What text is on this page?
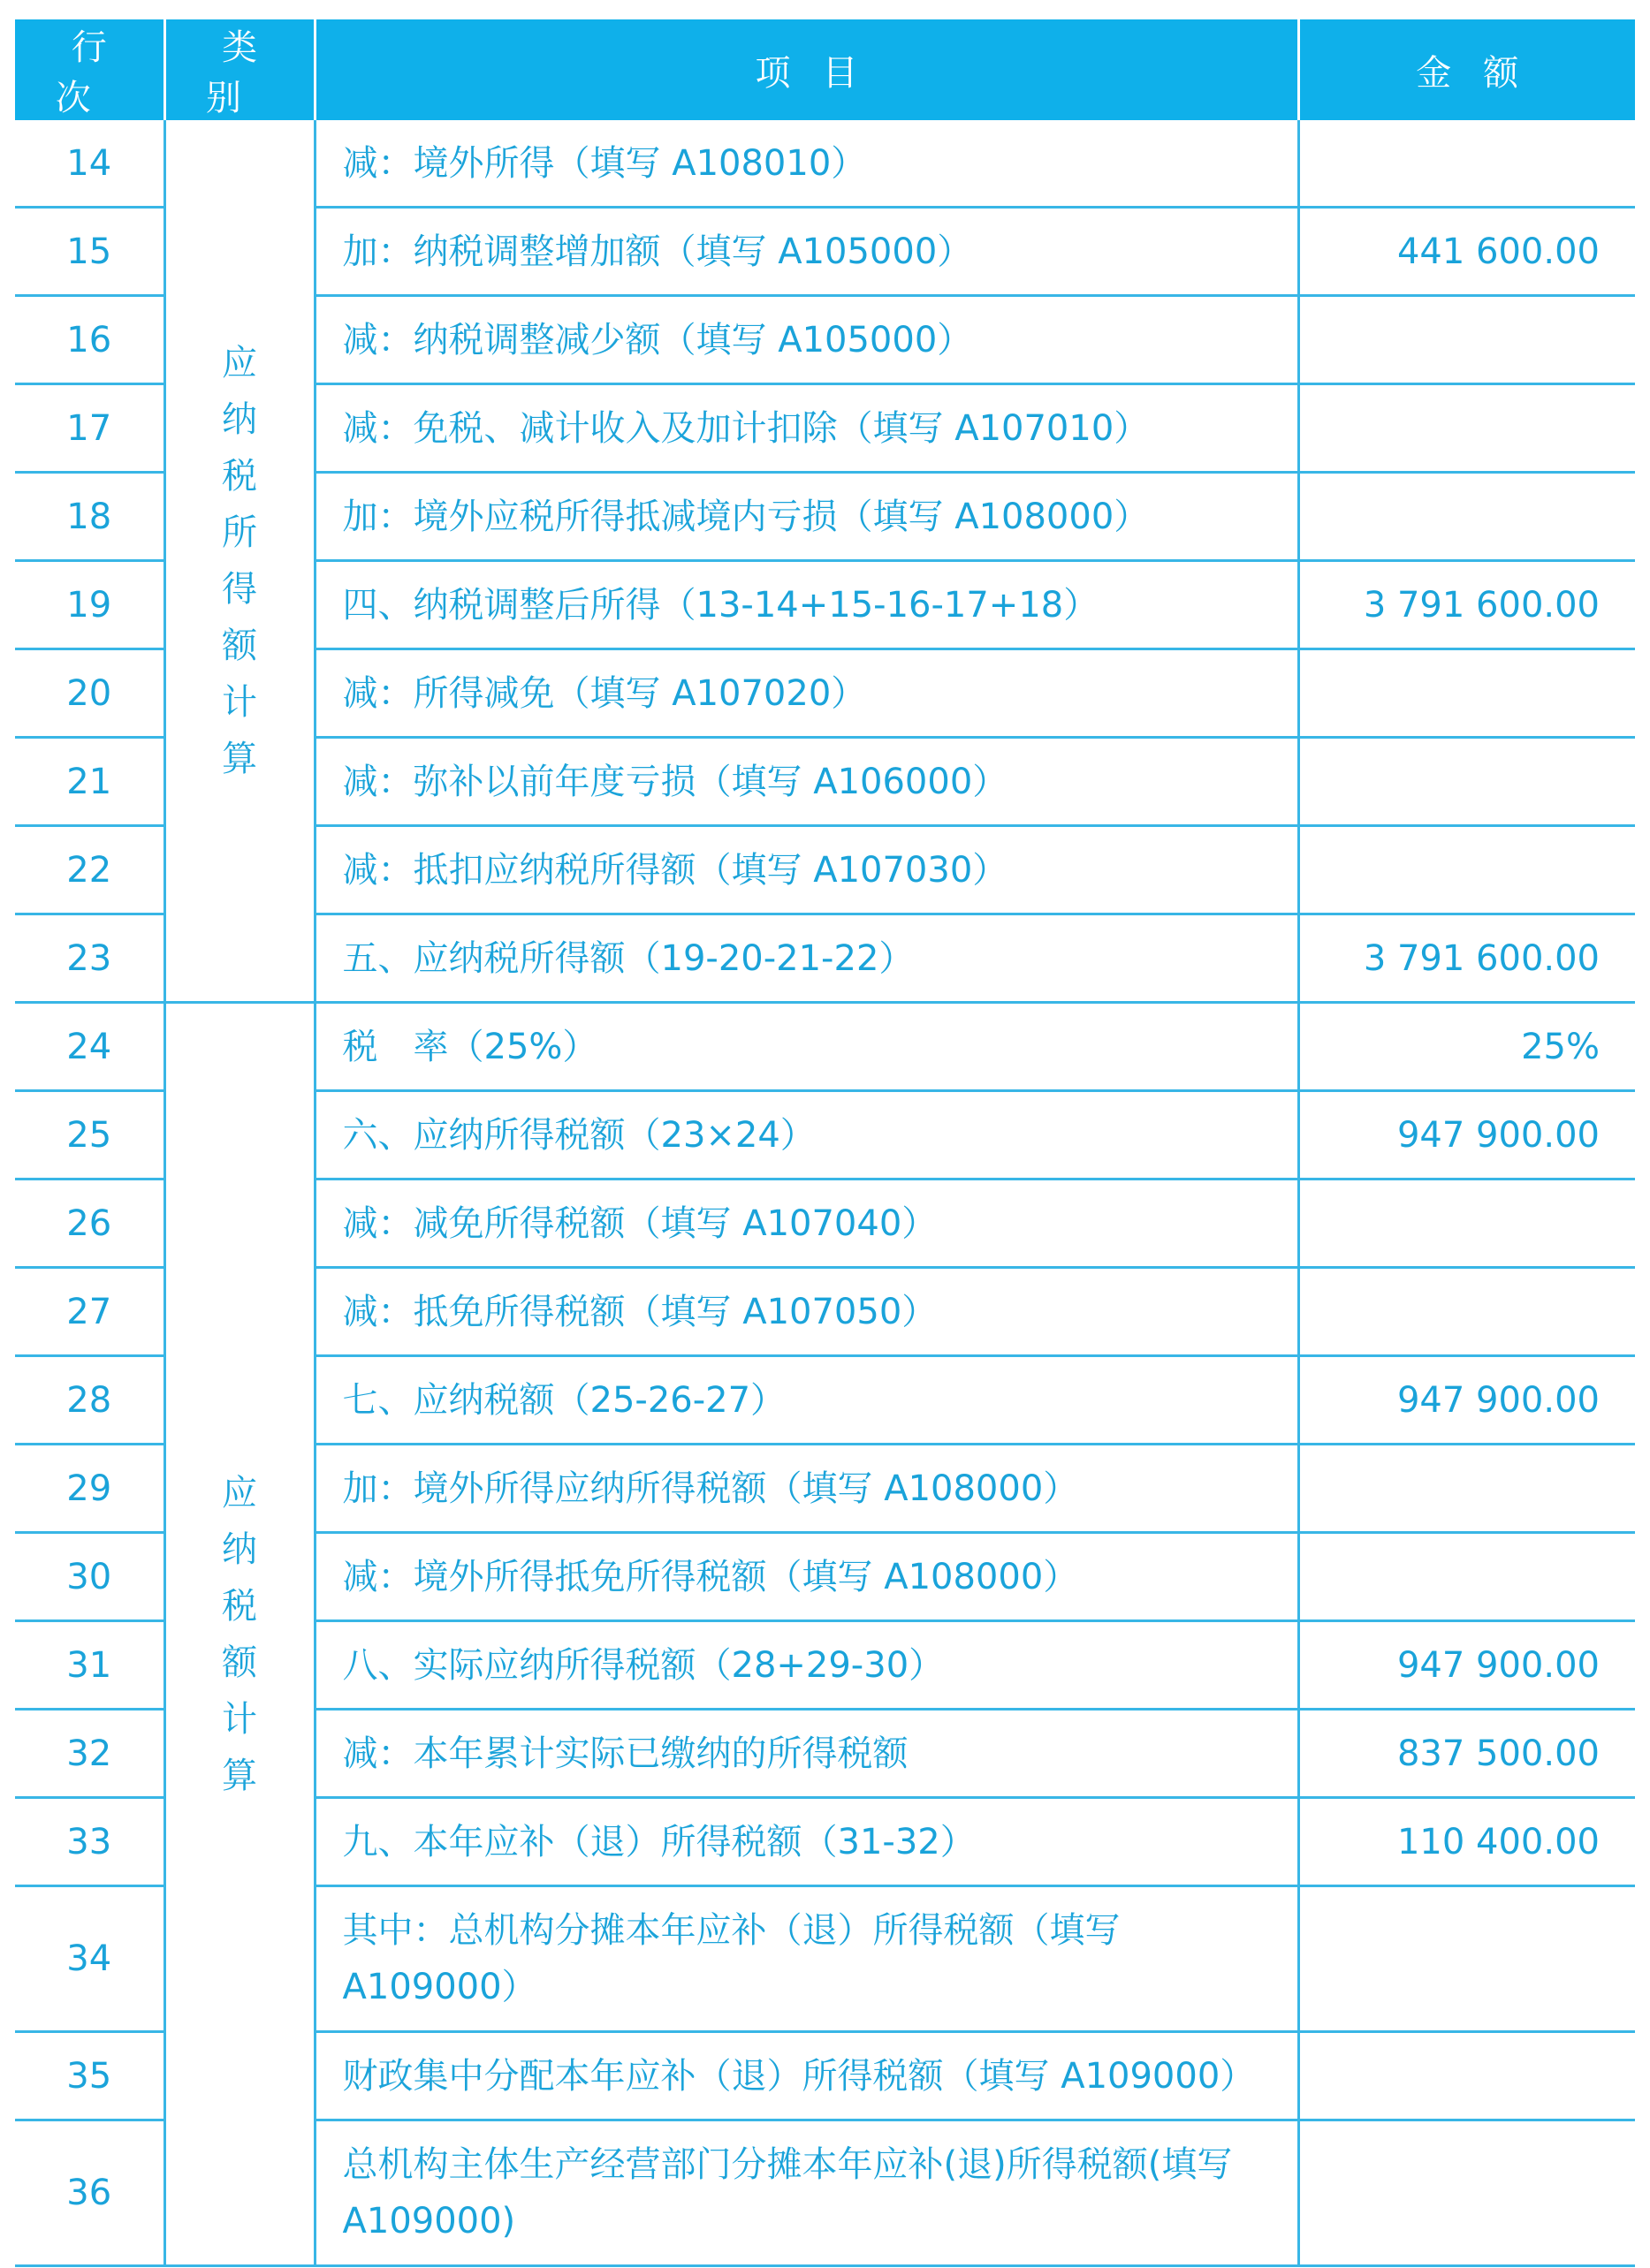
行次	类别	项目	金额
14	应纳税所得额计算	减：境外所得（填写 A108010）	
15		加：纳税调整增加额（填写 A105000）	441 600.00
16		减：纳税调整减少额（填写 A105000）	
17		减：免税、减计收入及加计扣除（填写 A107010）	
18		加：境外应税所得抵减境内亏损（填写 A108000）	
19		四、纳税调整后所得（13-14+15-16-17+18）	3 791 600.00
20		减：所得减免（填写 A107020）	
21		减：弥补以前年度亏损（填写 A106000）	
22		减：抵扣应纳税所得额（填写 A107030）	
23		五、应纳税所得额（19-20-21-22）	3 791 600.00
24	应纳税额计算	税　率（25%）	25%
25		六、应纳所得税额（23×24）	947 900.00
26		减：减免所得税额（填写 A107040）	
27		减：抵免所得税额（填写 A107050）	
28		七、应纳税额（25-26-27）	947 900.00
29		加：境外所得应纳所得税额（填写 A108000）	
30		减：境外所得抵免所得税额（填写 A108000）	
31		八、实际应纳所得税额（28+29-30）	947 900.00
32		减：本年累计实际已缴纳的所得税额	837 500.00
33		九、本年应补（退）所得税额（31-32）	110 400.00
34		其中：总机构分摊本年应补（退）所得税额（填写 A109000）	
35		财政集中分配本年应补（退）所得税额（填写 A109000）	
36		总机构主体生产经营部门分摊本年应补(退)所得税额(填写 A109000)	
